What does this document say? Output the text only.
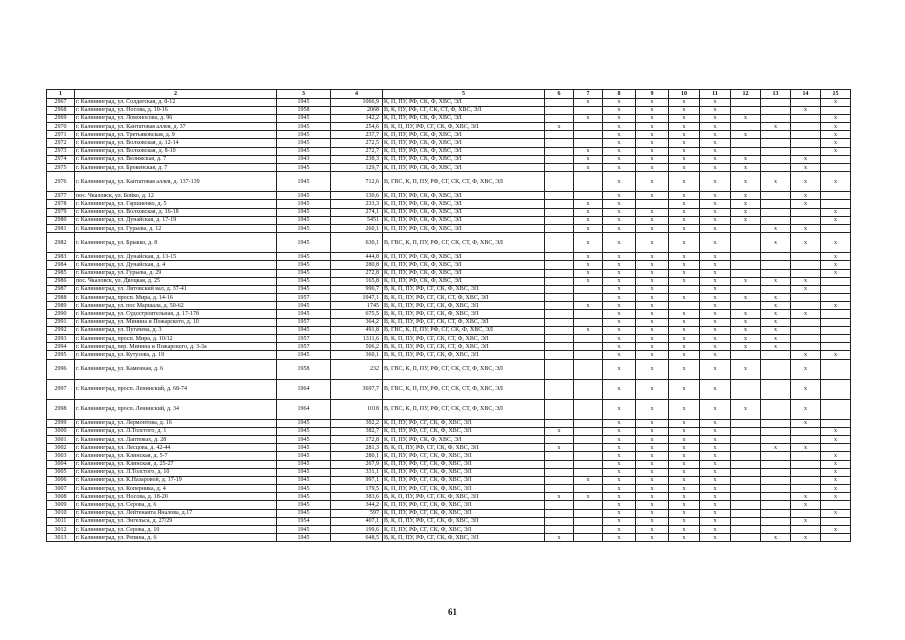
1	2	3	4	5	6	7	8	9	10	11	12	13	14	15
2967	г. Калининград, ул. Солдатская, д. 8-12	1945	1066,9	К, П, ПУ, РФ, СК, Ф, ХВС, ЭЛ		х	х	х	х	х				х
2968	г. Калининград, ул. Носова, д. 10-16	1958	2068	В, К, ПУ, РФ, СГ, СК, СТ, Ф, ХВС, ЭЛ			х	х	х	х			х	
2969	г. Калининград, ул. Ломоносова, д. 96	1945	142,2	К, П, ПУ, РФ, СК, Ф, ХВС, ЭЛ		х	х	х	х	х	х			х
2970	г. Калининград, ул. Кантатовая аллея, д. 37	1945	254,6	В, К, П, ПУ, РФ, СГ, СК, Ф, ХВС, ЭЛ	х		х	х	х	х		х		х
2971	г. Калининград, ул. Третьяковская, д. 9	1945	237,7	К, П, ПУ, РФ, СК, Ф, ХВС, ЭЛ			х	х	х	х	х			х
2972	г. Калининград, ул. Волховская, д. 12-14	1945	272,5	К, П, ПУ, РФ, СК, Ф, ХВС, ЭЛ			х	х	х	х				х
2973	г. Калининград, ул. Волховская, д. 8-10	1945	272,7	К, П, ПУ, РФ, СК, Ф, ХВС, ЭЛ		х	х	х	х	х				х
2974	г. Калининград, ул. Велижская, д. 7	1943	238,3	К, П, ПУ, РФ, СК, Ф, ХВС, ЭЛ		х	х	х	х	х	х		х	
2975	г. Калининград, ул. Брокенская, д. 7	1945	129,7	К, П, ПУ, РФ, СК, Ф, ХВС, ЭЛ		х	х	х	х	х	х		х	
2976	г. Калининград, ул. Кантатовая аллея, д. 137-139	1945	712,6	В, ГВС, К, П, ПУ, РФ, СГ, СК, СТ, Ф, ХВС, ЭЛ			х	х	х	х	х	х	х	х
2977	пос. Чкаловск, ул. Бойко, д. 12	1945	130,6	К, П, ПУ, РФ, СК, Ф, ХВС, ЭЛ			х	х	х	х	х		х	
2978	г. Калининград, ул. Гаршиенко, д. 5	1945	233,3	К, П, ПУ, РФ, СК, Ф, ХВС, ЭЛ		х	х		х	х	х		х	
2979	г. Калининград, ул. Волховская, д. 16-18	1945	274,1	К, П, ПУ, РФ, СК, Ф, ХВС, ЭЛ		х	х	х	х	х	х			х
2980	г. Калининград, ул. Дунайская, д. 17-19	1945	5451	К, П, ПУ, РФ, СК, Ф, ХВС, ЭЛ		х	х	х	х	х	х			х
2981	г. Калининград, ул. Гурьева, д. 12	1945	260,1	К, П, ПУ, РФ, СК, Ф, ХВС, ЭЛ		х	х	х	х	х		х	х	
2982	г. Калининград, ул. Брыкко, д. 8	1945	630,1	В, ГВС, К, П, ПУ, РФ, СГ, СК, СТ, Ф, ХВС, ЭЛ		х	х	х	х	х		х	х	х
2983	г. Калининград, ул. Дунайская, д. 13-15	1945	444,8	К, П, ПУ, РФ, СК, Ф, ХВС, ЭЛ		х	х	х	х	х				х
2984	г. Калининград, ул. Дунайская, д. 4	1945	280,8	К, П, ПУ, РФ, СК, Ф, ХВС, ЭЛ		х	х	х	х	х				х
2985	г. Калининград, ул. Гурьева, д. 29	1945	272,8	К, П, ПУ, РФ, СК, Ф, ХВС, ЭЛ		х	х	х	х	х				х
2986	пос. Чкаловск, ул. Двоцкая, д. 25	1945	165,8	К, П, ПУ, РФ, СК, Ф, ХВС, ЭЛ		х	х	х	х	х	х	х	х	
2987	г. Калининград, ул. Литовский вал, д. 37-41	1945	996,7	В, К, П, ПУ, РФ, СГ, СК, Ф, ХВС, ЭЛ			х	х		х			х	
2988	г. Калининград, просп. Мира, д. 14-16	1957	1947,1	В, К, П, ПУ, РФ, СГ, СК, СТ, Ф, ХВС, ЭЛ			х	х	х	х	х	х		
2989	г. Калининград, ул. пос Маршала, д. 50-62	1945	1745	В, К, П, ПУ, РФ, СГ, СК, Ф, ХВС, ЭЛ		х	х	х		х		х		х
2990	г. Калининград, ул. Судостроительная, д. 17-17б	1945	675,5	В, К, П, ПУ, РФ, СГ, СК, Ф, ХВС, ЭЛ			х	х	х	х	х	х	х	
2991	г. Калининград, ул. Минина и Пожарского, д. 10	1957	364,2	В, К, П, ПУ, РФ, СГ, СК, СТ, Ф, ХВС, ЭЛ			х	х	х	х	х	х		
2992	г. Калининград, ул. Пугачева, д. 3	1945	491,8	В, ГВС, К, П, ПУ, РФ, СГ, СК, Ф, ХВС, ЭЛ		х	х	х	х	х	х	х		
2993	г. Калининград, просп. Мира, д. 10/12	1957	1311,6	В, К, П, ПУ, РФ, СГ, СК, СТ, Ф, ХВС, ЭЛ			х	х	х	х	х	х		
2994	г. Калининград, пер. Минина и Пожарского, д. 3-3а	1957	506,2	В, К, П, ПУ, РФ, СГ, СК, СТ, Ф, ХВС, ЭЛ			х	х	х	х	х	х		
2995	г. Калининград, ул. Кутузова, д. 19	1945	360,1	В, К, П, ПУ, РФ, СГ, СК, Ф, ХВС, ЭЛ			х	х	х	х			х	х
2996	г. Калининград, ул. Каменная, д. 6	1958	232	В, ГВС, К, П, ПУ, РФ, СГ, СК, СТ, Ф, ХВС, ЭЛ			х	х	х	х	х		х	
2997	г. Калининград, просп. Ленинский, д. 68-74	1964	3697,7	В, ГВС, К, П, ПУ, РФ, СГ, СК, СТ, Ф, ХВС, ЭЛ			х	х	х	х			х	
2998	г. Калининград, просп. Ленинский, д. 34	1964	1018	В, ГВС, К, П, ПУ, РФ, СГ, СК, СТ, Ф, ХВС, ЭЛ			х	х	х	х	х		х	
2999	г. Калининград, ул. Лермонтова, д. 16	1945	302,2	К, П, ПУ, РФ, СГ, СК, Ф, ХВС, ЭЛ			х	х	х	х			х	
3000	г. Калининград, ул. Л.Толстого, д. 1	1945	382,7	К, П, ПУ, РФ, СГ, СК, Ф, ХВС, ЭЛ	х		х	х	х	х				х
3001	г. Калининград, ул. Лаптевых, д. 28	1945	172,8	К, П, ПУ, РФ, СК, Ф, ХВС, ЭЛ			х	х	х	х				х
3002	г. Калининград, ул. Лесцова, д. 42-44	1945	281,3	В, К, П, ПУ, РФ, СГ, СК, Ф, ХВС, ЭЛ	х		х	х	х	х		х	х	
3003	г. Калининград, ул. Клинская, д. 5-7	1945	280,1	К, П, ПУ, РФ, СГ, СК, Ф, ХВС, ЭЛ			х	х	х	х				х
3004	г. Калининград, ул. Клинская, д. 25-27	1945	267,9	К, П, ПУ, РФ, СГ, СК, Ф, ХВС, ЭЛ			х	х	х	х				х
3005	г. Калининград, ул. Л.Толстого, д. 10	1945	331,1	К, П, ПУ, РФ, СГ, СК, Ф, ХВС, ЭЛ			х	х	х	х				х
3006	г. Калининград, ул. К.Назаровой, д. 17-19	1945	997,1	К, П, ПУ, РФ, СГ, СК, Ф, ХВС, ЭЛ		х	х	х	х	х				х
3007	г. Калининград, ул. Коперника, д. 4	1945	179,5	К, П, ПУ, РФ, СГ, СК, Ф, ХВС, ЭЛ			х	х	х	х				х
3008	г. Калининград, ул. Носова, д. 18-20	1945	383,6	В, К, П, ПУ, РФ, СГ, СК, Ф, ХВС, ЭЛ	х	х	х	х	х	х			х	х
3009	г. Калининград, ул. Серова, д. 6	1945	344,2	К, П, ПУ, РФ, СГ, СК, Ф, ХВС, ЭЛ			х	х	х	х			х	
3010	г. Калининград, ул. Лейтенанта Яналова, д.17	1945	597	К, П, ПУ, РФ, СГ, СК, Ф, ХВС, ЭЛ			х	х	х	х				х
3011	г. Калининград, ул. Энгельса, д. 27/29	1954	407,1	В, К, П, ПУ, РФ, СГ, СК, Ф, ХВС, ЭЛ			х	х	х	х			х	
3012	г. Калининград, ул. Серова, д. 10	1945	199,6	К, П, ПУ, РФ, СГ, СК, Ф, ХВС, ЭЛ			х	х	х	х				х
3013	г. Калининград, ул. Репина, д. 6	1945	648,5	В, К, П, ПУ, РФ, СГ, СК, Ф, ХВС, ЭЛ	х		х	х	х	х		х	х	
61
